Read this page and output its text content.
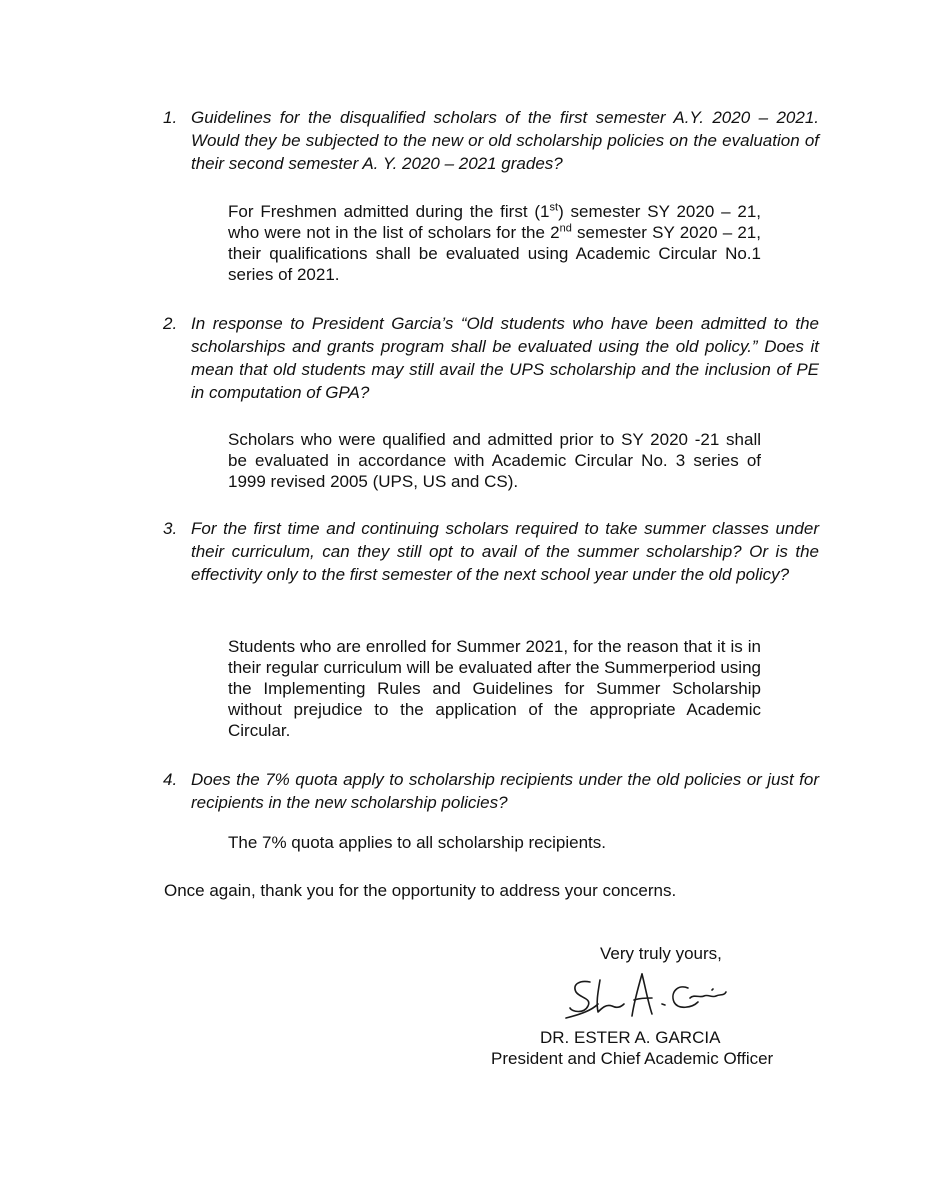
1. Guidelines for the disqualified scholars of the first semester A.Y. 2020 – 2021. Would they be subjected to the new or old scholarship policies on the evaluation of their second semester A. Y. 2020 – 2021 grades?
For Freshmen admitted during the first (1st) semester SY 2020 – 21, who were not in the list of scholars for the 2nd semester SY 2020 – 21, their qualifications shall be evaluated using Academic Circular No.1 series of 2021.
2. In response to President Garcia’s “Old students who have been admitted to the scholarships and grants program shall be evaluated using the old policy.” Does it mean that old students may still avail the UPS scholarship and the inclusion of PE in computation of GPA?
Scholars who were qualified and admitted prior to SY 2020 -21 shall be evaluated in accordance with Academic Circular No. 3 series of 1999 revised 2005 (UPS, US and CS).
3. For the first time and continuing scholars required to take summer classes under their curriculum, can they still opt to avail of the summer scholarship? Or is the effectivity only to the first semester of the next school year under the old policy?
Students who are enrolled for Summer 2021, for the reason that it is in their regular curriculum will be evaluated after the Summerperiod using the Implementing Rules and Guidelines for Summer Scholarship without prejudice to the application of the appropriate Academic Circular.
4. Does the 7% quota apply to scholarship recipients under the old policies or just for recipients in the new scholarship policies?
The 7% quota applies to all scholarship recipients.
Once again, thank you for the opportunity to address your concerns.
Very truly yours,
DR. ESTER A. GARCIA
President and Chief Academic Officer
